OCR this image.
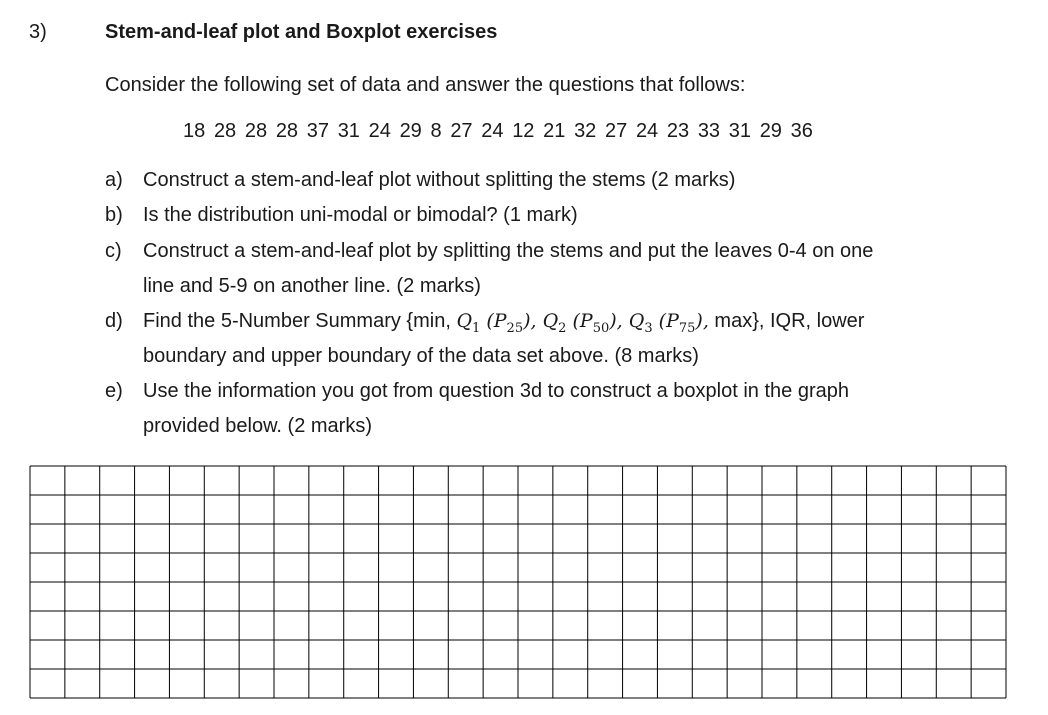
3)	Stem-and-leaf plot and Boxplot exercises
Consider the following set of data and answer the questions that follows:
18 28 28 28 37 31 24 29 8 27 24 12 21 32 27 24 23 33 31 29 36
a) Construct a stem-and-leaf plot without splitting the stems (2 marks)
b) Is the distribution uni-modal or bimodal? (1 mark)
c) Construct a stem-and-leaf plot by splitting the stems and put the leaves 0-4 on one
line and 5-9 on another line. (2 marks)
d) Find the 5-Number Summary {min, $Q_1$ $(P_{25})$, $Q_2$ $(P_{50})$, $Q_3$ $(P_{75})$, max}, IQR, lower
boundary and upper boundary of the data set above. (8 marks)
e) Use the information you got from question 3d to construct a boxplot in the graph
provided below. (2 marks)
